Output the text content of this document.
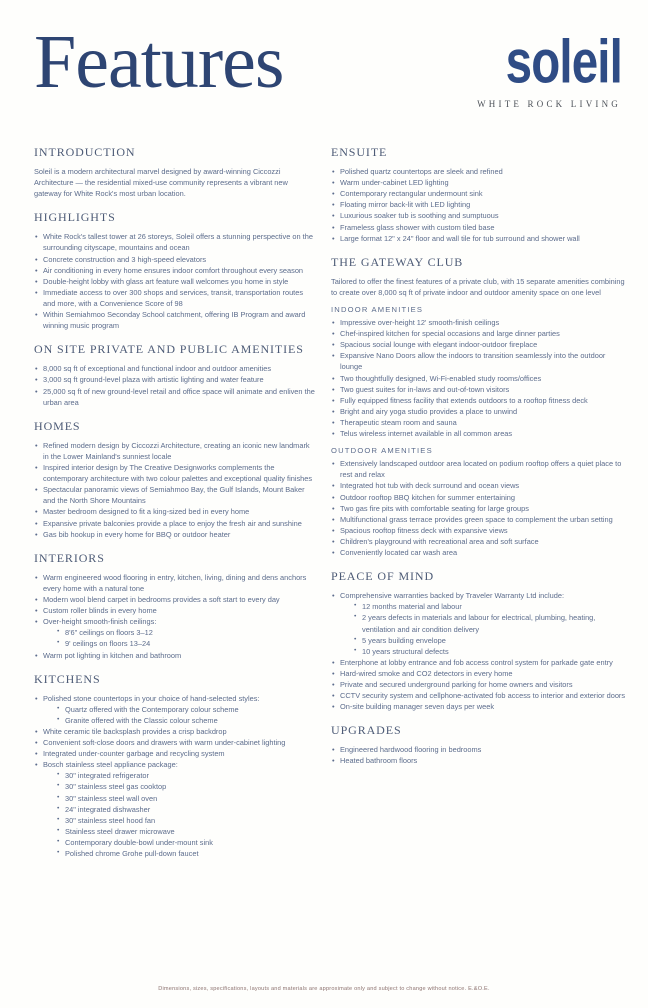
Features	soleil
WHITE ROCK LIVING
INTRODUCTION

Soleil is a modern architectural marvel designed by award-winning Ciccozzi Architecture — the residential mixed-use community represents a vibrant new gateway for White Rock's most urban location.

HIGHLIGHTS
• White Rock's tallest tower at 26 storeys, Soleil offers a stunning perspective on the surrounding cityscape, mountains and ocean
• Concrete construction and 3 high-speed elevators
• Air conditioning in every home ensures indoor comfort throughout every season
• Double-height lobby with glass art feature wall welcomes you home in style
• Immediate access to over 300 shops and services, transit, transportation routes and more, with a Convenience Score of 98
• Within Semiahmoo Seconday School catchment, offering IB Program and award winning music program
ON SITE PRIVATE AND PUBLIC AMENITIES
• 8,000 sq ft of exceptional and functional indoor and outdoor amenities
• 3,000 sq ft ground-level plaza with artistic lighting and water feature
• 25,000 sq ft of new ground-level retail and office space will animate and enliven the urban area
HOMES
• Refined modern design by Ciccozzi Architecture, creating an iconic new landmark in the Lower Mainland's sunniest locale
• Inspired interior design by The Creative Designworks complements the contemporary architecture with two colour palettes and exceptional quality finishes
• Spectacular panoramic views of Semiahmoo Bay, the Gulf Islands, Mount Baker and the North Shore Mountains
• Master bedroom designed to fit a king-sized bed in every home
• Expansive private balconies provide a place to enjoy the fresh air and sunshine
• Gas bib hookup in every home for BBQ or outdoor heater
INTERIORS
• Warm engineered wood flooring in entry, kitchen, living, dining and dens anchors every home with a natural tone
• Modern wool blend carpet in bedrooms provides a soft start to every day
• Custom roller blinds in every home
• Over-height smooth-finish ceilings:
• 8'6" ceilings on floors 3–12
• 9' ceilings on floors 13–24
• Warm pot lighting in kitchen and bathroom
KITCHENS
• Polished stone countertops in your choice of hand-selected styles:
• Quartz offered with the Contemporary colour scheme
• Granite offered with the Classic colour scheme
• White ceramic tile backsplash provides a crisp backdrop
• Convenient soft-close doors and drawers with warm under-cabinet lighting
• Integrated under-counter garbage and recycling system
• Bosch stainless steel appliance package:
• 30" integrated refrigerator
• 30" stainless steel gas cooktop
• 30" stainless steel wall oven
• 24" integrated dishwasher
• 30" stainless steel hood fan
• Stainless steel drawer microwave
• Contemporary double-bowl under-mount sink
• Polished chrome Grohe pull-down faucet
ENSUITE
• Polished quartz countertops are sleek and refined
• Warm under-cabinet LED lighting
• Contemporary rectangular undermount sink
• Floating mirror back-lit with LED lighting
• Luxurious soaker tub is soothing and sumptuous
• Frameless glass shower with custom tiled base
• Large format 12" x 24" floor and wall tile for tub surround and shower wall
THE GATEWAY CLUB

Tailored to offer the finest features of a private club, with 15 separate amenities combining to create over 8,000 sq ft of private indoor and outdoor amenity space on one level

INDOOR AMENITIES
• Impressive over-height 12' smooth-finish ceilings
• Chef-inspired kitchen for special occasions and large dinner parties
• Spacious social lounge with elegant indoor-outdoor fireplace
• Expansive Nano Doors allow the indoors to transition seamlessly into the outdoor lounge
• Two thoughtfully designed, Wi-Fi-enabled study rooms/offices
• Two guest suites for in-laws and out-of-town visitors
• Fully equipped fitness facility that extends outdoors to a rooftop fitness deck
• Bright and airy yoga studio provides a place to unwind
• Therapeutic steam room and sauna
• Telus wireless internet available in all common areas
OUTDOOR AMENITIES
• Extensively landscaped outdoor area located on podium rooftop offers a quiet place to rest and relax
• Integrated hot tub with deck surround and ocean views
• Outdoor rooftop BBQ kitchen for summer entertaining
• Two gas fire pits with comfortable seating for large groups
• Multifunctional grass terrace provides green space to complement the urban setting
• Spacious rooftop fitness deck with expansive views
• Children's playground with recreational area and soft surface
• Conveniently located car wash area
PEACE OF MIND
• Comprehensive warranties backed by Traveler Warranty Ltd include:
• 12 months material and labour
• 2 years defects in materials and labour for electrical, plumbing, heating, ventilation and air condition delivery
• 5 years building envelope
• 10 years structural defects
• Enterphone at lobby entrance and fob access control system for parkade gate entry
• Hard-wired smoke and CO2 detectors in every home
• Private and secured underground parking for home owners and visitors
• CCTV security system and cellphone-activated fob access to interior and exterior doors
• On-site building manager seven days per week
UPGRADES
• Engineered hardwood flooring in bedrooms
• Heated bathroom floors
Dimensions, sizes, specifications, layouts and materials are approximate only and subject to change without notice. E.&O.E.
